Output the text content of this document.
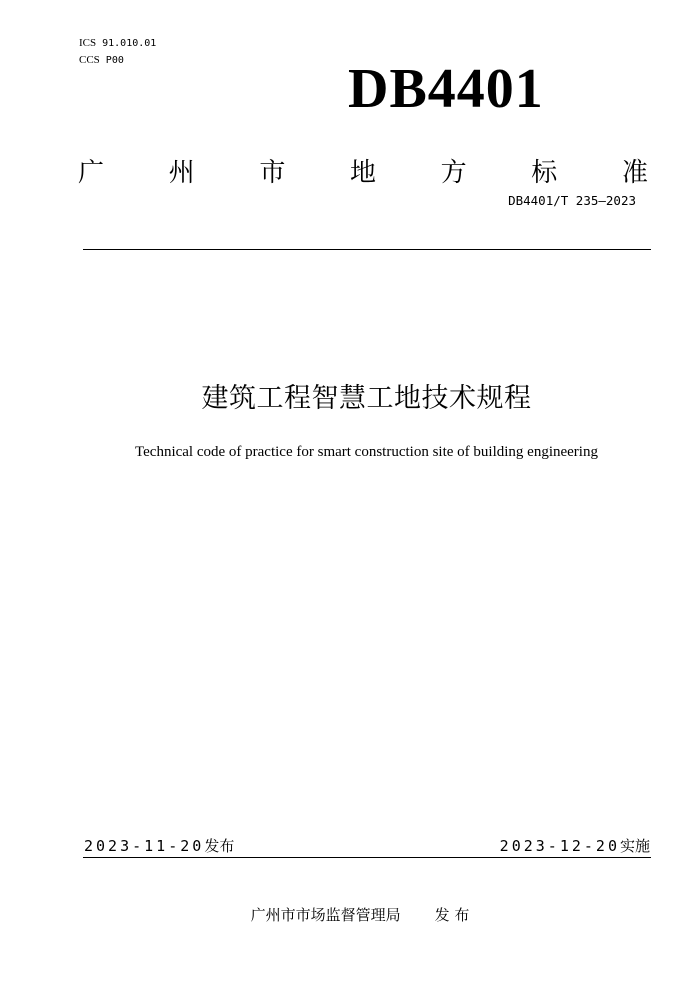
ICS 91.010.01
CCS P00	DB4401
广 州 市 地 方 标 准
DB4401/T 235—2023
建筑工程智慧工地技术规程
Technical code of practice for smart construction site of building engineering
2023-11-20发布	2023-12-20实施
广州市市场监督管理局 发 布
